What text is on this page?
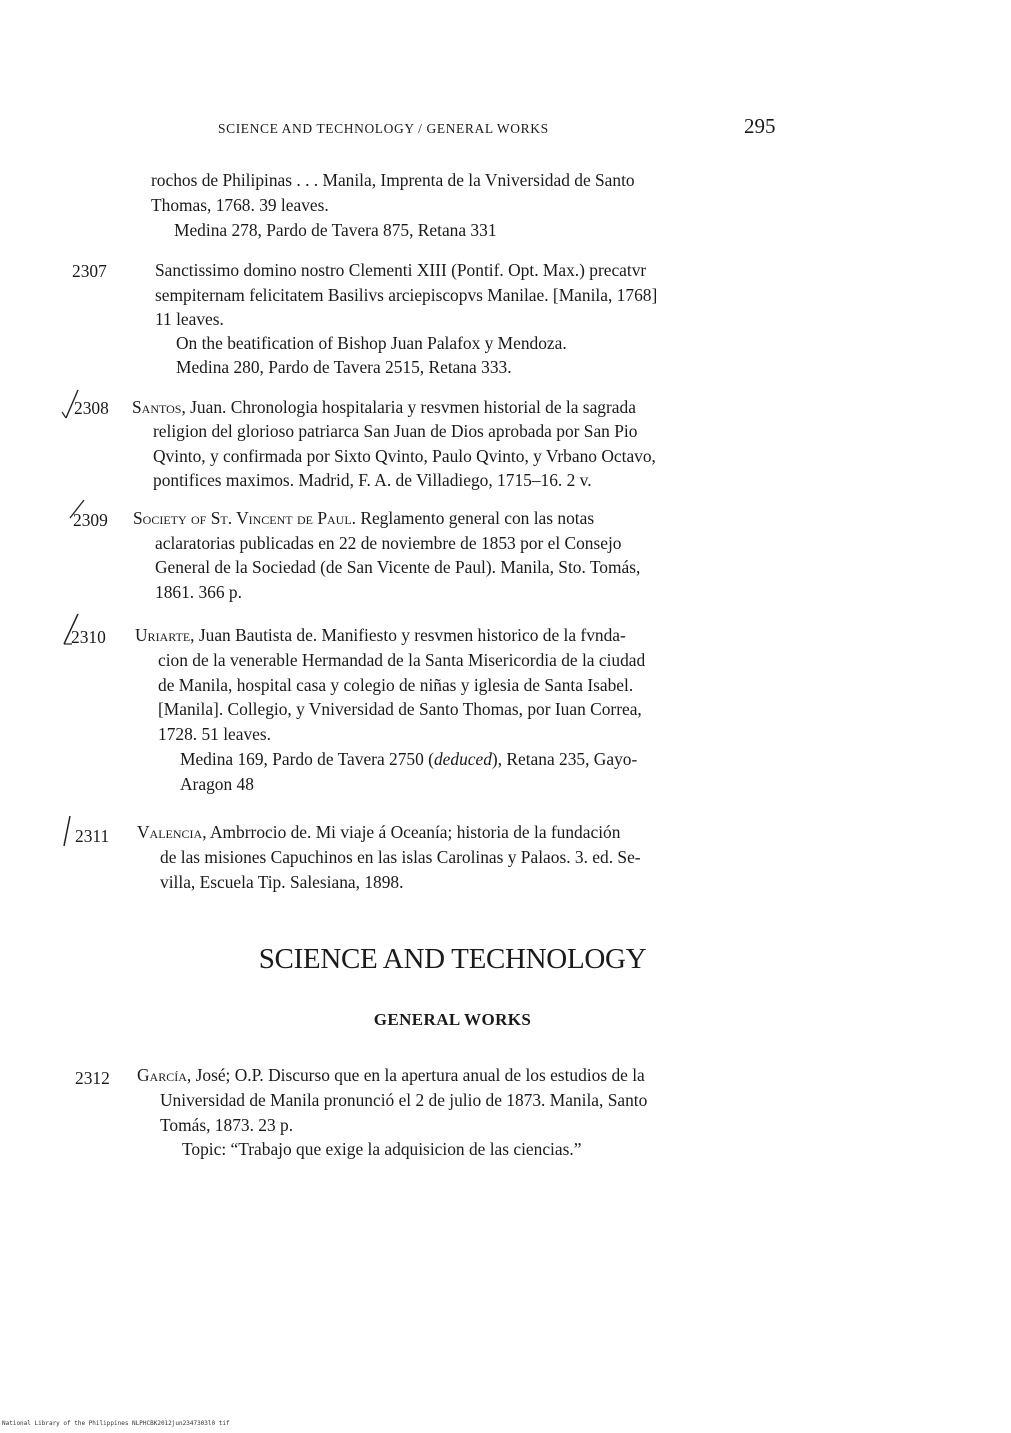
SCIENCE AND TECHNOLOGY / GENERAL WORKS	295
rochos de Philipinas . . . Manila, Imprenta de la Vniversidad de Santo
Thomas, 1768. 39 leaves.
Medina 278, Pardo de Tavera 875, Retana 331
2307	Sanctissimo domino nostro Clementi XIII (Pontif. Opt. Max.) precatvr
sempiternam felicitatem Basilivs arciepiscopvs Manilae. [Manila, 1768]
11 leaves.
On the beatification of Bishop Juan Palafox y Mendoza.
Medina 280, Pardo de Tavera 2515, Retana 333.
2308 Santos, Juan. Chronologia hospitalaria y resvmen historial de la sagrada
religion del glorioso patriarca San Juan de Dios aprobada por San Pio
Qvinto, y confirmada por Sixto Qvinto, Paulo Qvinto, y Vrbano Octavo,
pontifices maximos. Madrid, F. A. de Villadiego, 1715–16. 2 v.
2309 Society of St. Vincent de Paul. Reglamento general con las notas
aclaratorias publicadas en 22 de noviembre de 1853 por el Consejo
General de la Sociedad (de San Vicente de Paul). Manila, Sto. Tomás,
1861. 366 p.
2310 Uriarte, Juan Bautista de. Manifiesto y resvmen historico de la fvnda-
cion de la venerable Hermandad de la Santa Misericordia de la ciudad
de Manila, hospital casa y colegio de niñas y iglesia de Santa Isabel.
[Manila]. Collegio, y Vniversidad de Santo Thomas, por Iuan Correa,
1728. 51 leaves.
Medina 169, Pardo de Tavera 2750 (deduced), Retana 235, Gayo-
Aragon 48
2311 Valencia, Ambrrocio de. Mi viaje á Oceanía; historia de la fundación
de las misiones Capuchinos en las islas Carolinas y Palaos. 3. ed. Se-
villa, Escuela Tip. Salesiana, 1898.
SCIENCE AND TECHNOLOGY
GENERAL WORKS
2312 García, José; O.P. Discurso que en la apertura anual de los estudios de la
Universidad de Manila pronunció el 2 de julio de 1873. Manila, Santo
Tomás, 1873. 23 p.
Topic: “Trabajo que exige la adquisicion de las ciencias.”
National Library of the Philippines NLPHCBK2012jun2347303l0 tif
